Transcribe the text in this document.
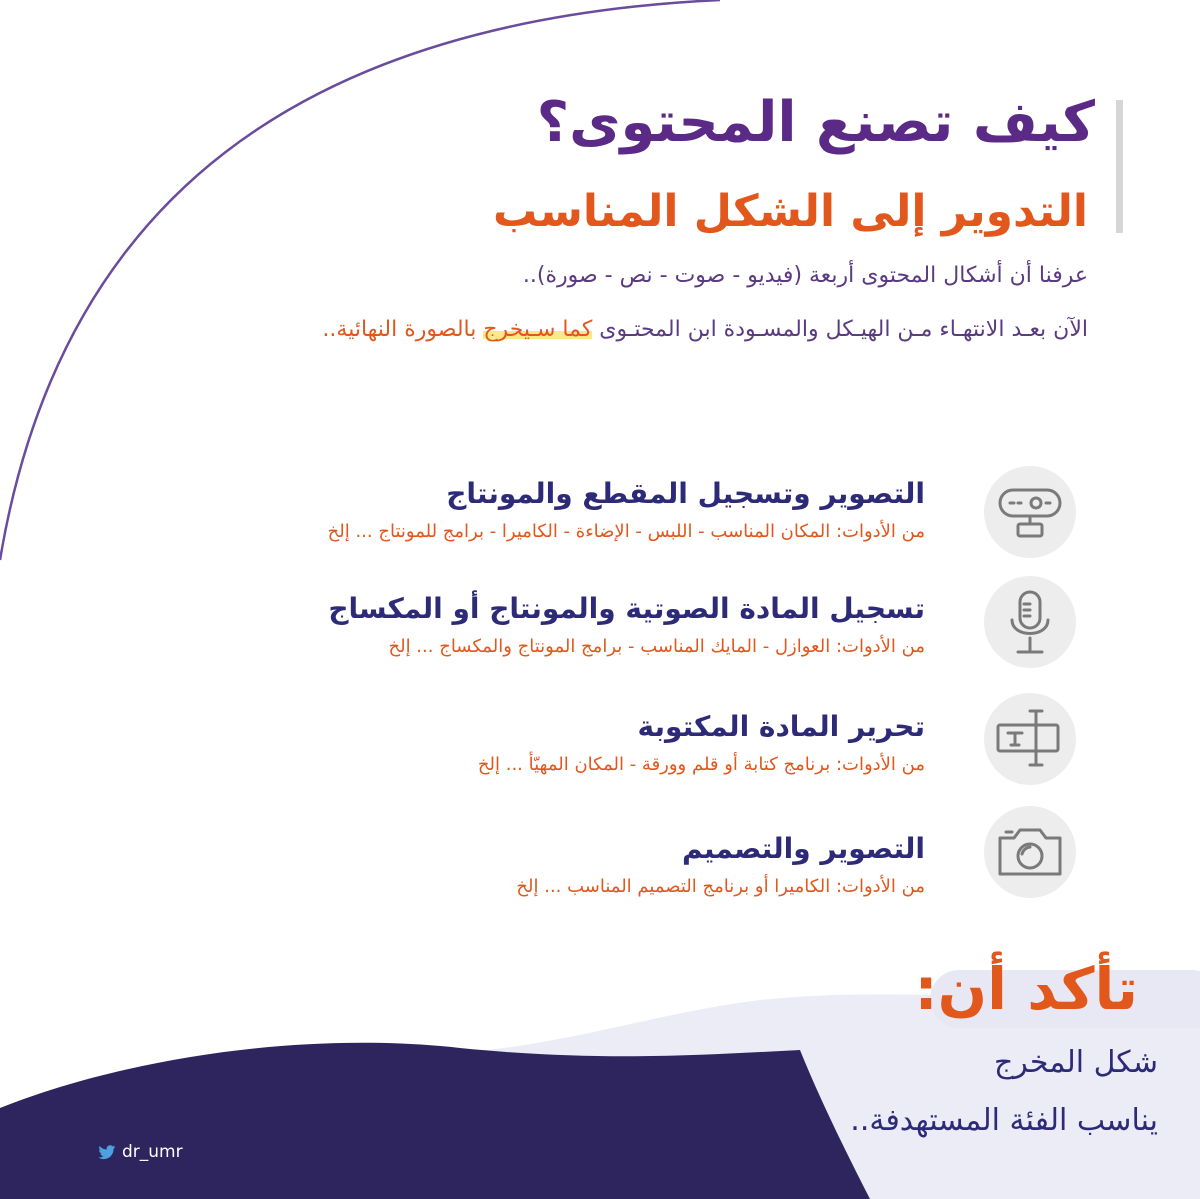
كيف تصنع المحتوى؟
التدوير إلى الشكل المناسب
عرفنا أن أشكال المحتوى أربعة (فيديو - صوت - نص - صورة)..
الآن بعـد الانتهـاء مـن الهيـكل والمسـودة ابن المحتـوى كما سـيخرج بالصورة النهائية..
التصوير وتسجيل المقطع والمونتاج
من الأدوات: المكان المناسب - اللبس - الإضاءة - الكاميرا - برامج للمونتاج ... إلخ
تسجيل المادة الصوتية والمونتاج أو المكساج
من الأدوات: العوازل - المايك المناسب - برامج المونتاج والمكساج ... إلخ
تحرير المادة المكتوبة
من الأدوات: برنامج كتابة أو قلم وورقة - المكان المهيّأ ... إلخ
التصوير والتصميم
من الأدوات: الكاميرا أو برنامج التصميم المناسب ... إلخ
تأكد أن:
شكل المخرج
يناسب الفئة المستهدفة..
dr_umr
